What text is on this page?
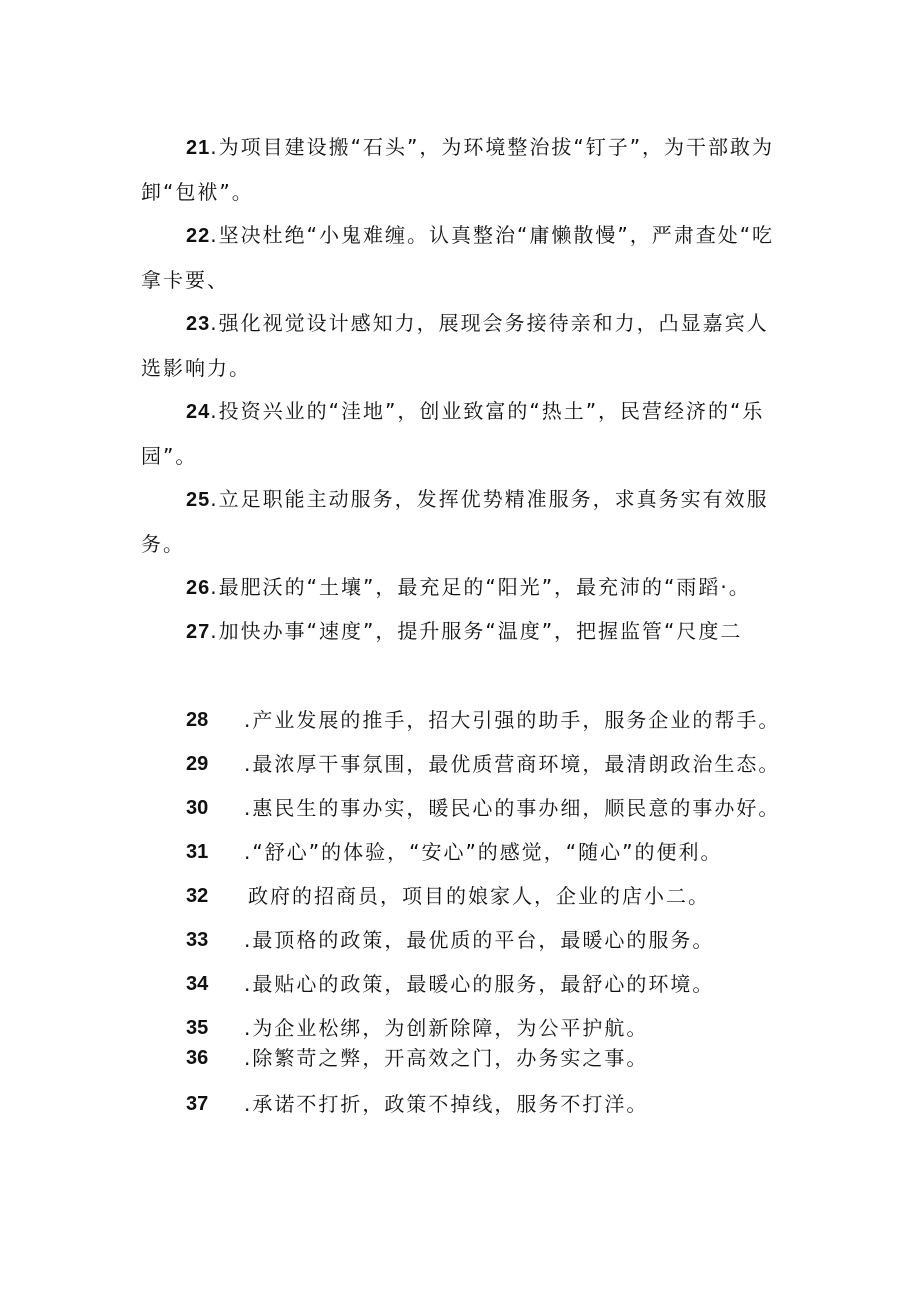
21.为项目建设搬“石头”，为环境整治拔“钉子”，为干部敢为卸“包袱”。

22.坚决杜绝“小鬼难缠。认真整治“庸懒散慢”，严肃查处“吃拿卡要、

23.强化视觉设计感知力，展现会务接待亲和力，凸显嘉宾人选影响力。

24.投资兴业的“洼地”，创业致富的“热土”，民营经济的“乐园”。

25.立足职能主动服务，发挥优势精准服务，求真务实有效服务。

26.最肥沃的“土壤”，最充足的“阳光”，最充沛的“雨蹈·。

27.加快办事“速度”，提升服务“温度”，把握监管“尺度二

28 .产业发展的推手，招大引强的助手，服务企业的帮手。
29 .最浓厚干事氛围，最优质营商环境，最清朗政治生态。
30 .惠民生的事办实，暖民心的事办细，顺民意的事办好。
31 .“舒心”的体验，“安心”的感觉，“随心”的便利。
32 政府的招商员，项目的娘家人，企业的店小二。
33 .最顶格的政策，最优质的平台，最暖心的服务。
34 .最贴心的政策，最暖心的服务，最舒心的环境。
35 .为企业松绑，为创新除障，为公平护航。
36 .除繁苛之弊，开高效之门，办务实之事。
37 .承诺不打折，政策不掉线，服务不打洋。
